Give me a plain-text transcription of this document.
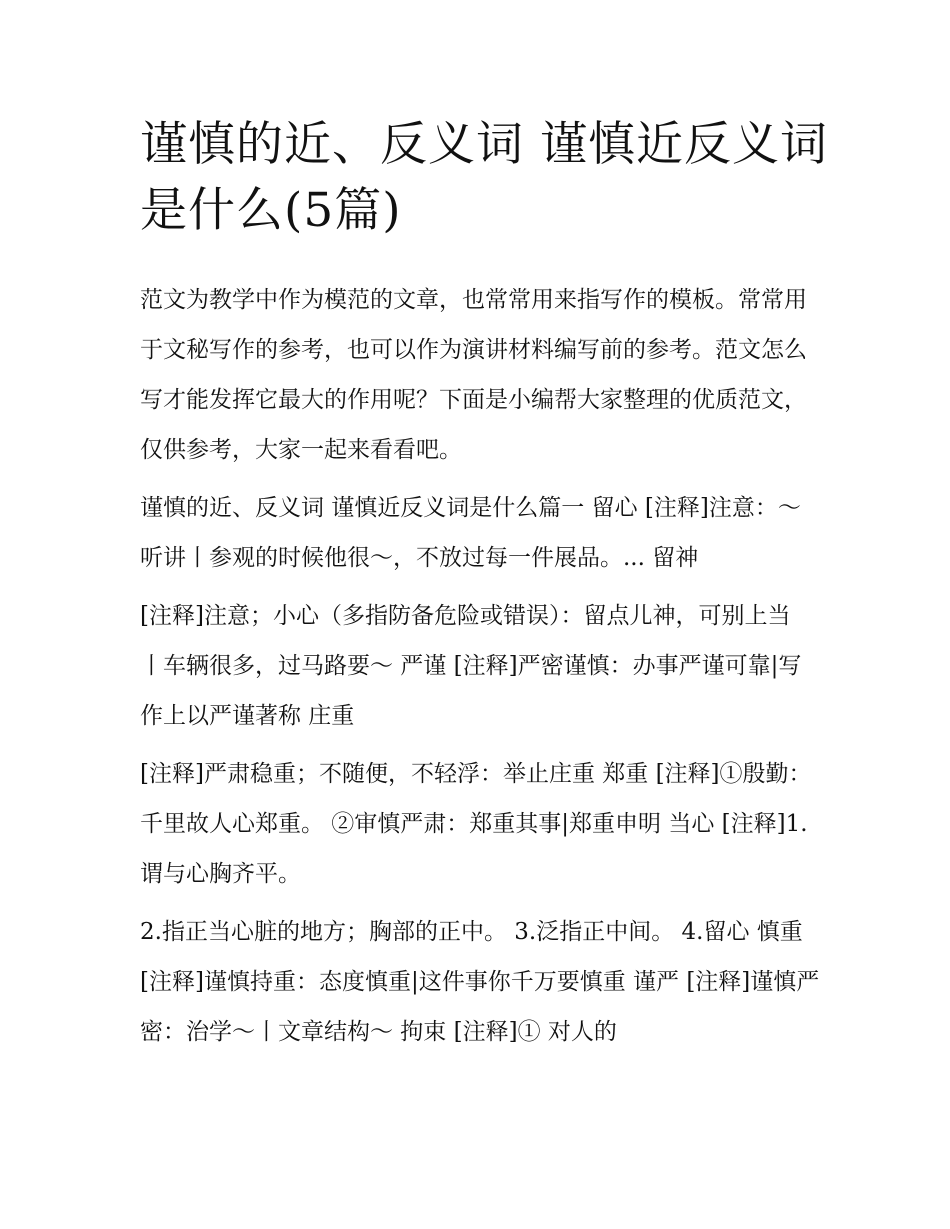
谨慎的近、反义词 谨慎近反义词是什么(5篇)

范文为教学中作为模范的文章，也常常用来指写作的模板。常常用于文秘写作的参考，也可以作为演讲材料编写前的参考。范文怎么写才能发挥它最大的作用呢？下面是小编帮大家整理的优质范文，仅供参考，大家一起来看看吧。

谨慎的近、反义词 谨慎近反义词是什么篇一 留心 [注释]注意：～听讲丨参观的时候他很～，不放过每一件展品。... 留神

[注释]注意；小心（多指防备危险或错误）：留点儿神，可别上当 丨车辆很多，过马路要～ 严谨 [注释]严密谨慎：办事严谨可靠|写作上以严谨著称 庄重

[注释]严肃稳重；不随便，不轻浮：举止庄重 郑重 [注释]①殷勤：千里故人心郑重。 ②审慎严肃：郑重其事|郑重申明 当心 [注释]1.谓与心胸齐平。

2.指正当心脏的地方；胸部的正中。 3.泛指正中间。 4.留心 慎重 [注释]谨慎持重：态度慎重|这件事你千万要慎重 谨严 [注释]谨慎严密：治学～丨文章结构～ 拘束 [注释]① 对人的
